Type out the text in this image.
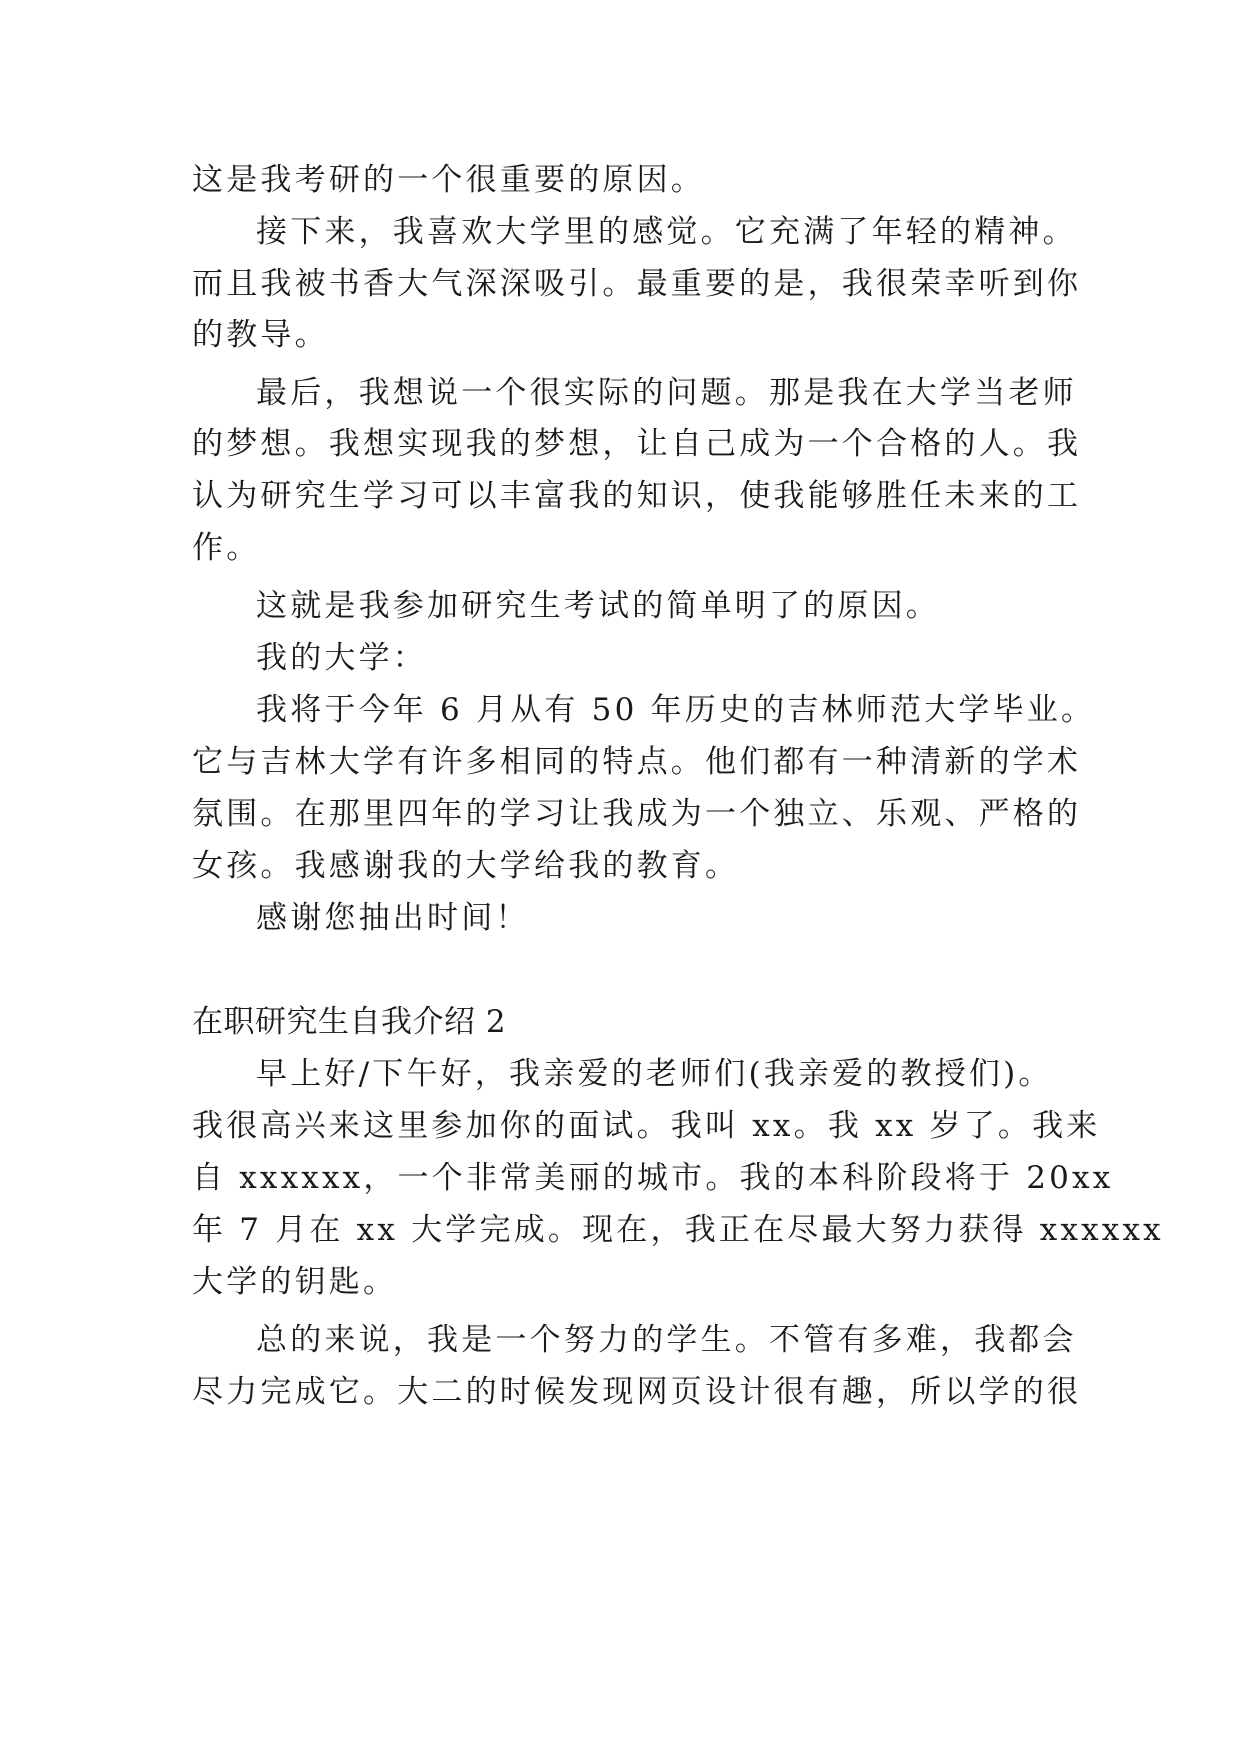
这是我考研的一个很重要的原因。
接下来，我喜欢大学里的感觉。它充满了年轻的精神。
而且我被书香大气深深吸引。最重要的是，我很荣幸听到你
的教导。
最后，我想说一个很实际的问题。那是我在大学当老师
的梦想。我想实现我的梦想，让自己成为一个合格的人。我
认为研究生学习可以丰富我的知识，使我能够胜任未来的工
作。
这就是我参加研究生考试的简单明了的原因。
我的大学：
我将于今年 6 月从有 50 年历史的吉林师范大学毕业。
它与吉林大学有许多相同的特点。他们都有一种清新的学术
氛围。在那里四年的学习让我成为一个独立、乐观、严格的
女孩。我感谢我的大学给我的教育。
感谢您抽出时间！
在职研究生自我介绍 2
早上好/下午好，我亲爱的老师们(我亲爱的教授们)。
我很高兴来这里参加你的面试。我叫 xx。我 xx 岁了。我来
自 xxxxxx，一个非常美丽的城市。我的本科阶段将于 20xx
年 7 月在 xx 大学完成。现在，我正在尽最大努力获得 xxxxxx
大学的钥匙。
总的来说，我是一个努力的学生。不管有多难，我都会
尽力完成它。大二的时候发现网页设计很有趣，所以学的很
